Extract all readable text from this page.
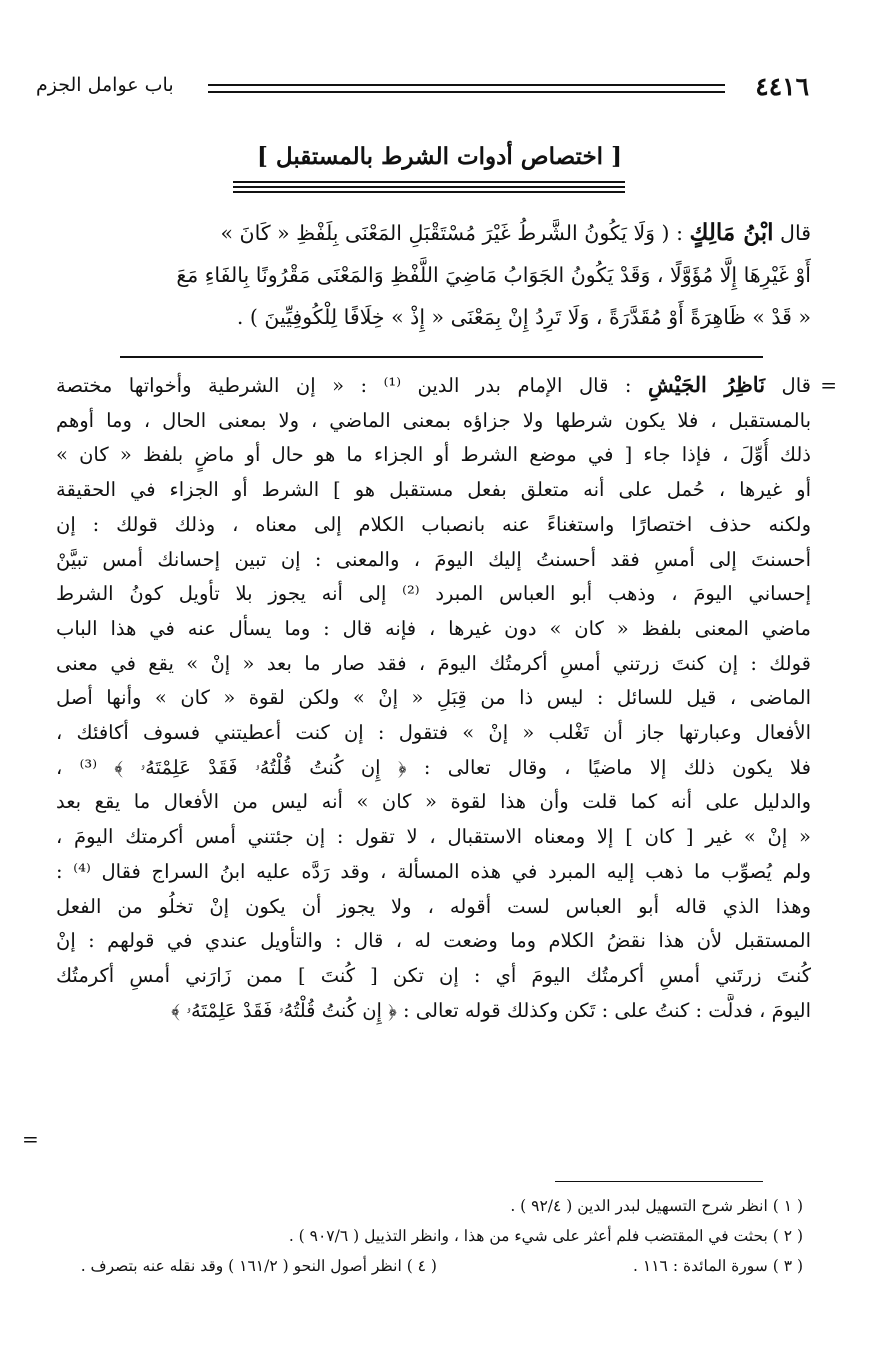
٤٤١٦
باب عوامل الجزم
[ اختصاص أدوات الشرط بالمستقبل ]

قال ابْنُ مَالِكٍ : ( وَلَا يَكُونُ الشَّرطُ غَيْرَ مُسْتَقْبَلِ المَعْنَى بِلَفْظِ « كَانَ »

أَوْ غَيْرِهَا إِلَّا مُؤَوَّلًا ، وَقَدْ يَكُونُ الجَوَابُ مَاضِيَ اللَّفْظِ وَالمَعْنَى مَقْرُونًا بِالفَاءِ مَعَ

« قَدْ » ظَاهِرَةً أَوْ مُقَدَّرَةً ، وَلَا تَرِدُ إِنْ بِمَعْنَى « إِذْ » خِلَافًا لِلْكُوفِيِّينَ ) .

=

قال نَاظِرُ الجَيْشِ : قال الإمام بدر الدين ⁽¹⁾ : « إن الشرطية وأخواتها مختصة

بالمستقبل ، فلا يكون شرطها ولا جزاؤه بمعنى الماضي ، ولا بمعنى الحال ، وما أوهم

ذلك أُوِّلَ ، فإذا جاء [ في موضع الشرط أو الجزاء ما هو حال أو ماضٍ بلفظ « كان »

أو غيرها ، حُمل على أنه متعلق بفعل مستقبل هو ] الشرط أو الجزاء في الحقيقة

ولكنه حذف اختصارًا واستغناءً عنه بانصباب الكلام إلى معناه ، وذلك قولك : إن

أحسنتَ إلى أمسِ فقد أحسنتُ إليك اليومَ ، والمعنى : إن تبين إحسانك أمس تبيَّنْ

إحساني اليومَ ، وذهب أبو العباس المبرد ⁽²⁾ إلى أنه يجوز بلا تأويل كونُ الشرط

ماضي المعنى بلفظ « كان » دون غيرها ، فإنه قال : وما يسأل عنه في هذا الباب

قولك : إن كنتَ زرتني أمسِ أكرمتُك اليومَ ، فقد صار ما بعد « إنْ » يقع في معنى

الماضى ، قيل للسائل : ليس ذا من قِبَلِ « إنْ » ولكن لقوة « كان » وأنها أصل

الأفعال وعبارتها جاز أن تَغْلب « إنْ » فتقول : إن كنت أعطيتني فسوف أكافئك ،

فلا يكون ذلك إلا ماضيًا ، وقال تعالى : ﴿ إِن كُنتُ قُلْتُهُۥ فَقَدْ عَلِمْتَهُۥ ﴾ ⁽³⁾ ،

والدليل على أنه كما قلت وأن هذا لقوة « كان » أنه ليس من الأفعال ما يقع بعد

« إنْ » غير [ كان ] إلا ومعناه الاستقبال ، لا تقول : إن جئتني أمس أكرمتك اليومَ ،

ولم يُصوِّب ما ذهب إليه المبرد في هذه المسألة ، وقد رَدَّه عليه ابنُ السراج فقال ⁽⁴⁾ :

وهذا الذي قاله أبو العباس لست أقوله ، ولا يجوز أن يكون إنْ تخلُو من الفعل

المستقبل لأن هذا نقضُ الكلام وما وضعت له ، قال : والتأويل عندي في قولهم : إنْ

كُنتَ زرتَني أمسِ أكرمتُك اليومَ أي : إن تكن [ كُنتَ ] ممن زَارَني أمسِ أكرمتُك

اليومَ ، فدلَّت : كنتُ على : تَكن وكذلك قوله تعالى : ﴿ إِن كُنتُ قُلْتُهُۥ فَقَدْ عَلِمْتَهُۥ ﴾

=
( ١ ) انظر شرح التسهيل لبدر الدين ( ٩٢/٤ ) .
( ٢ ) بحثت في المقتضب فلم أعثر على شيء من هذا ، وانظر التذييل ( ٩٠٧/٦ ) .
( ٣ ) سورة المائدة : ١١٦ .( ٤ ) انظر أصول النحو ( ١٦١/٢ ) وقد نقله عنه بتصرف .
